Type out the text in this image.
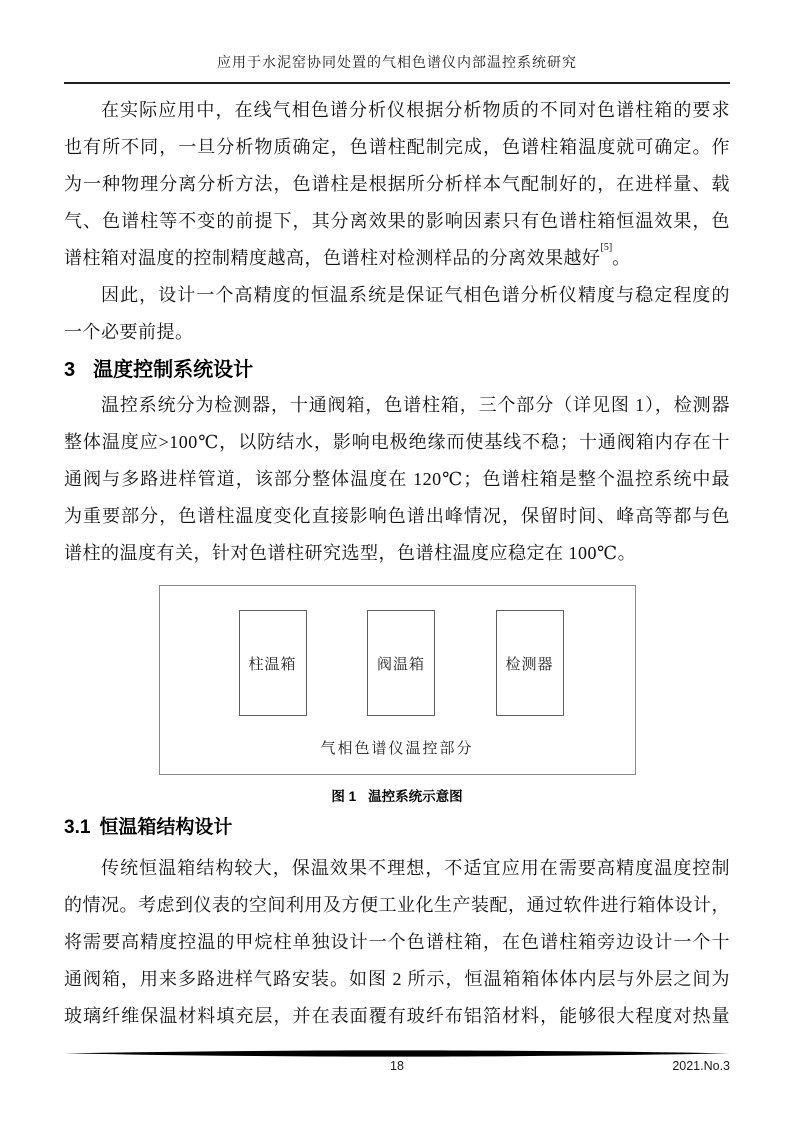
应用于水泥窑协同处置的气相色谱仪内部温控系统研究
在实际应用中，在线气相色谱分析仪根据分析物质的不同对色谱柱箱的要求
也有所不同，一旦分析物质确定，色谱柱配制完成，色谱柱箱温度就可确定。作
为一种物理分离分析方法，色谱柱是根据所分析样本气配制好的，在进样量、载
气、色谱柱等不变的前提下，其分离效果的影响因素只有色谱柱箱恒温效果，色
谱柱箱对温度的控制精度越高，色谱柱对检测样品的分离效果越好[5]。
因此，设计一个高精度的恒温系统是保证气相色谱分析仪精度与稳定程度的
一个必要前提。
3 温度控制系统设计
温控系统分为检测器，十通阀箱，色谱柱箱，三个部分（详见图 1），检测器
整体温度应>100℃，以防结水，影响电极绝缘而使基线不稳；十通阀箱内存在十
通阀与多路进样管道，该部分整体温度在 120℃；色谱柱箱是整个温控系统中最
为重要部分，色谱柱温度变化直接影响色谱出峰情况，保留时间、峰高等都与色
谱柱的温度有关，针对色谱柱研究选型，色谱柱温度应稳定在 100℃。
柱温箱	阀温箱	检测器
气相色谱仪温控部分
图 1 温控系统示意图
3.1 恒温箱结构设计
传统恒温箱结构较大，保温效果不理想，不适宜应用在需要高精度温度控制
的情况。考虑到仪表的空间利用及方便工业化生产装配，通过软件进行箱体设计，
将需要高精度控温的甲烷柱单独设计一个色谱柱箱，在色谱柱箱旁边设计一个十
通阀箱，用来多路进样气路安装。如图 2 所示，恒温箱箱体体内层与外层之间为
玻璃纤维保温材料填充层，并在表面覆有玻纤布铝箔材料，能够很大程度对热量
18	2021.No.3
